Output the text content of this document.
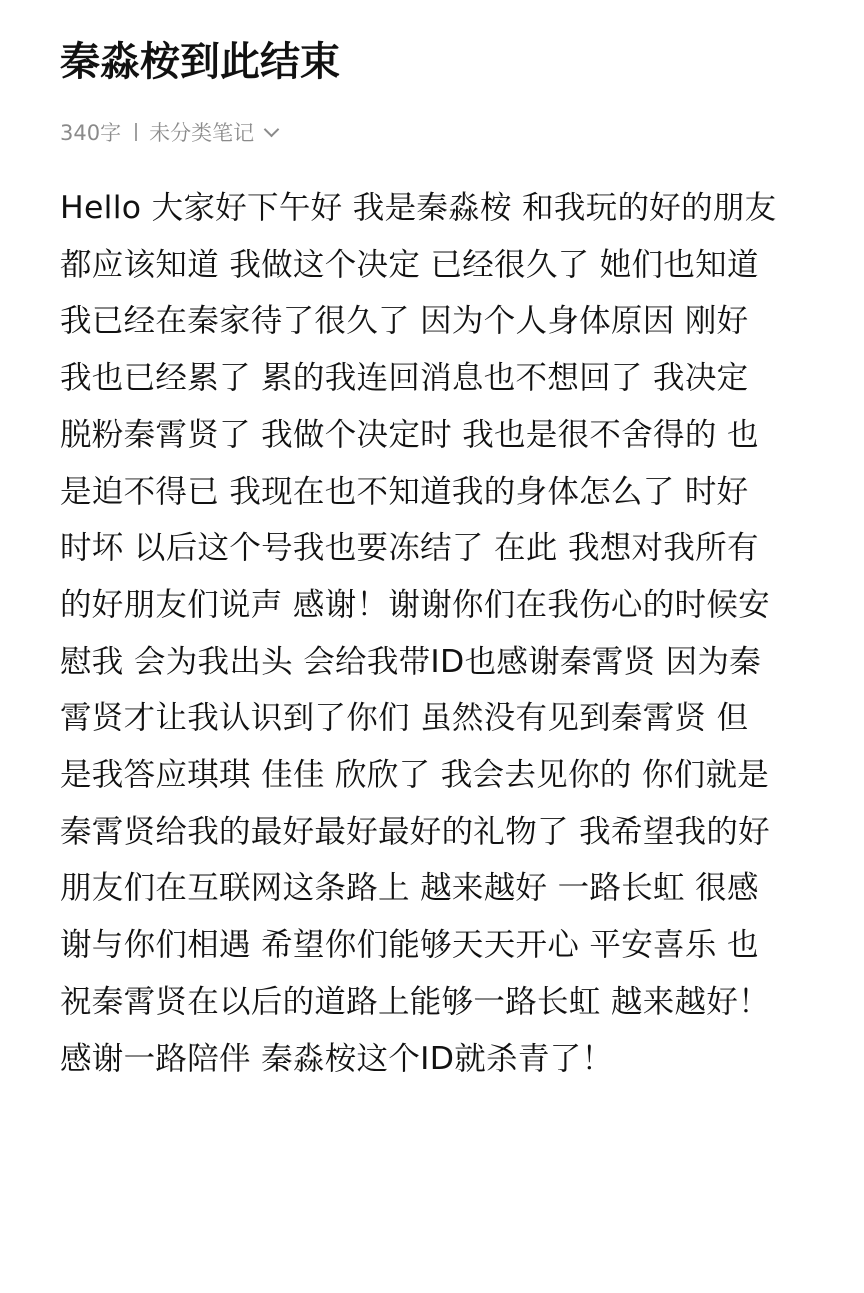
秦淼桉到此结束
340字 未分类笔记
Hello 大家好下午好 我是秦淼桉 和我玩的好的朋友
都应该知道 我做这个决定 已经很久了 她们也知道
我已经在秦家待了很久了 因为个人身体原因 刚好
我也已经累了 累的我连回消息也不想回了 我决定
脱粉秦霄贤了 我做个决定时 我也是很不舍得的 也
是迫不得已 我现在也不知道我的身体怎么了 时好
时坏 以后这个号我也要冻结了 在此 我想对我所有
的好朋友们说声 感谢！谢谢你们在我伤心的时候安
慰我 会为我出头 会给我带ID也感谢秦霄贤 因为秦
霄贤才让我认识到了你们 虽然没有见到秦霄贤 但
是我答应琪琪 佳佳 欣欣了 我会去见你的 你们就是
秦霄贤给我的最好最好最好的礼物了 我希望我的好
朋友们在互联网这条路上 越来越好 一路长虹 很感
谢与你们相遇 希望你们能够天天开心 平安喜乐 也
祝秦霄贤在以后的道路上能够一路长虹 越来越好！
感谢一路陪伴 秦淼桉这个ID就杀青了！
